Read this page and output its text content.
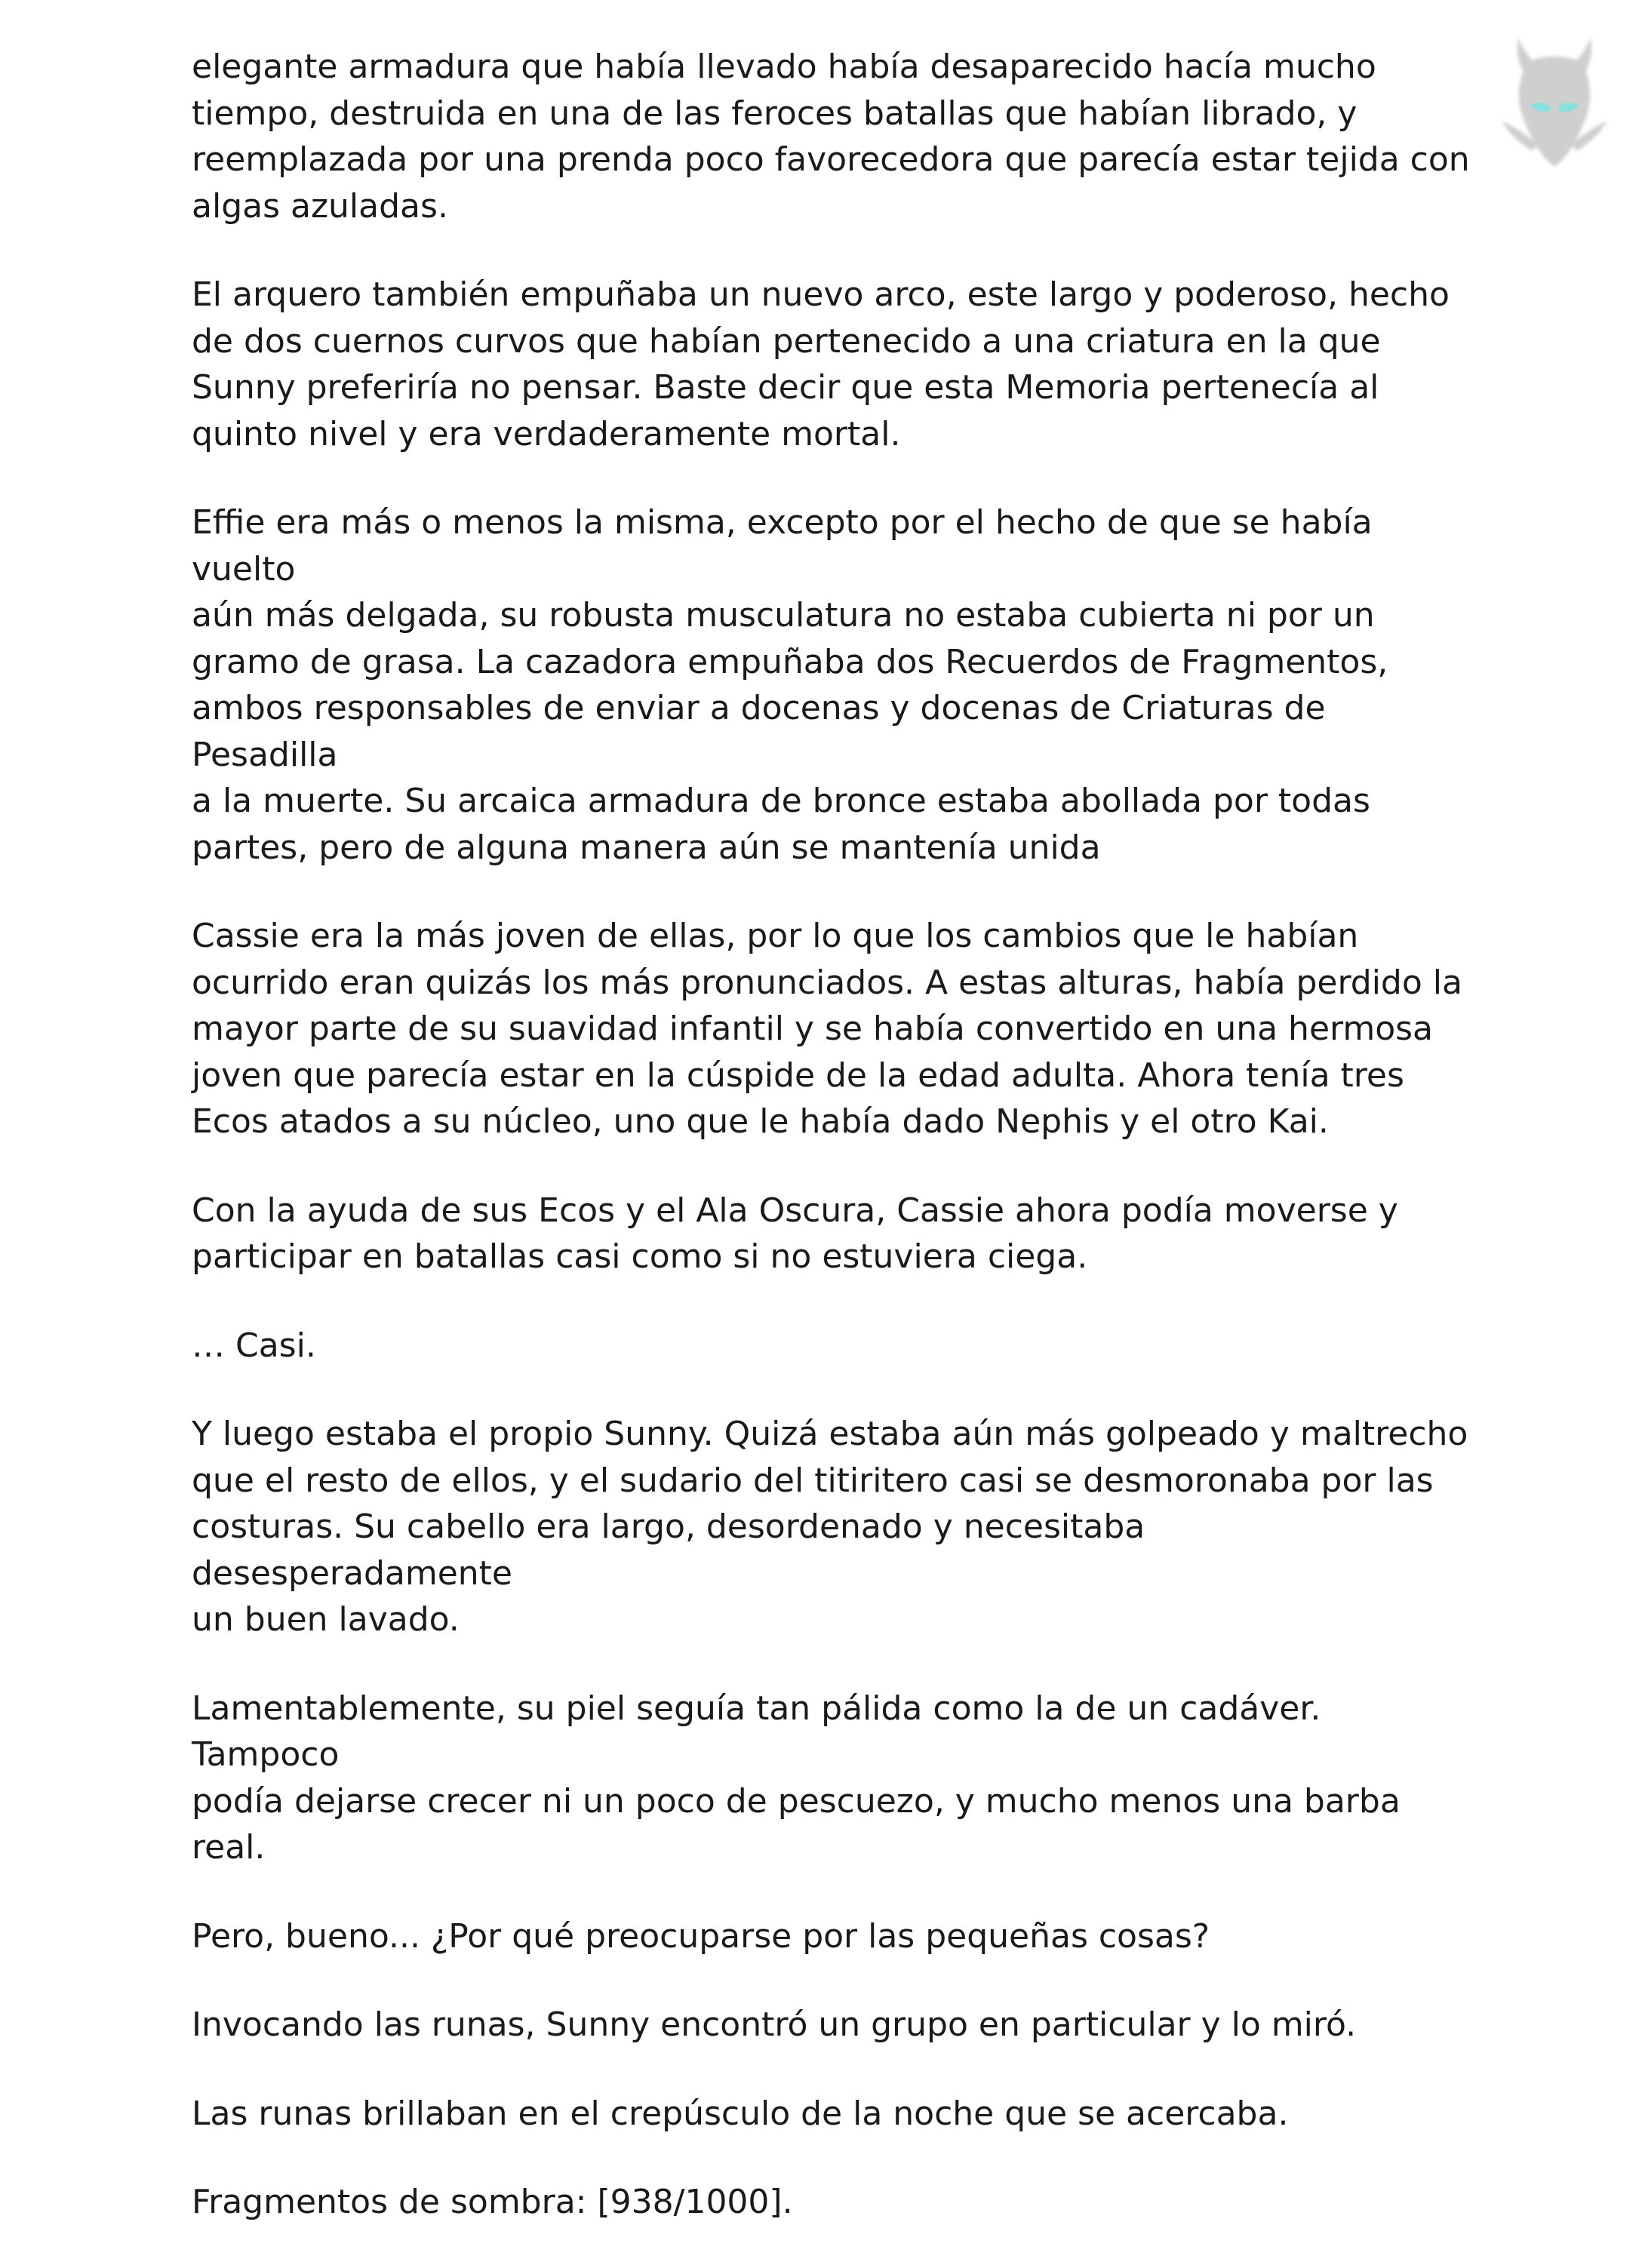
elegante armadura que había llevado había desaparecido hacía mucho
tiempo, destruida en una de las feroces batallas que habían librado, y
reemplazada por una prenda poco favorecedora que parecía estar tejida con
algas azuladas.

El arquero también empuñaba un nuevo arco, este largo y poderoso, hecho
de dos cuernos curvos que habían pertenecido a una criatura en la que
Sunny preferiría no pensar. Baste decir que esta Memoria pertenecía al
quinto nivel y era verdaderamente mortal.

Effie era más o menos la misma, excepto por el hecho de que se había vuelto
aún más delgada, su robusta musculatura no estaba cubierta ni por un
gramo de grasa. La cazadora empuñaba dos Recuerdos de Fragmentos,
ambos responsables de enviar a docenas y docenas de Criaturas de Pesadilla
a la muerte. Su arcaica armadura de bronce estaba abollada por todas
partes, pero de alguna manera aún se mantenía unida

Cassie era la más joven de ellas, por lo que los cambios que le habían
ocurrido eran quizás los más pronunciados. A estas alturas, había perdido la
mayor parte de su suavidad infantil y se había convertido en una hermosa
joven que parecía estar en la cúspide de la edad adulta. Ahora tenía tres
Ecos atados a su núcleo, uno que le había dado Nephis y el otro Kai.

Con la ayuda de sus Ecos y el Ala Oscura, Cassie ahora podía moverse y
participar en batallas casi como si no estuviera ciega.

… Casi.

Y luego estaba el propio Sunny. Quizá estaba aún más golpeado y maltrecho
que el resto de ellos, y el sudario del titiritero casi se desmoronaba por las
costuras. Su cabello era largo, desordenado y necesitaba desesperadamente
un buen lavado.

Lamentablemente, su piel seguía tan pálida como la de un cadáver. Tampoco
podía dejarse crecer ni un poco de pescuezo, y mucho menos una barba
real.

Pero, bueno... ¿Por qué preocuparse por las pequeñas cosas?

Invocando las runas, Sunny encontró un grupo en particular y lo miró.

Las runas brillaban en el crepúsculo de la noche que se acercaba.

Fragmentos de sombra: [938/1000].
